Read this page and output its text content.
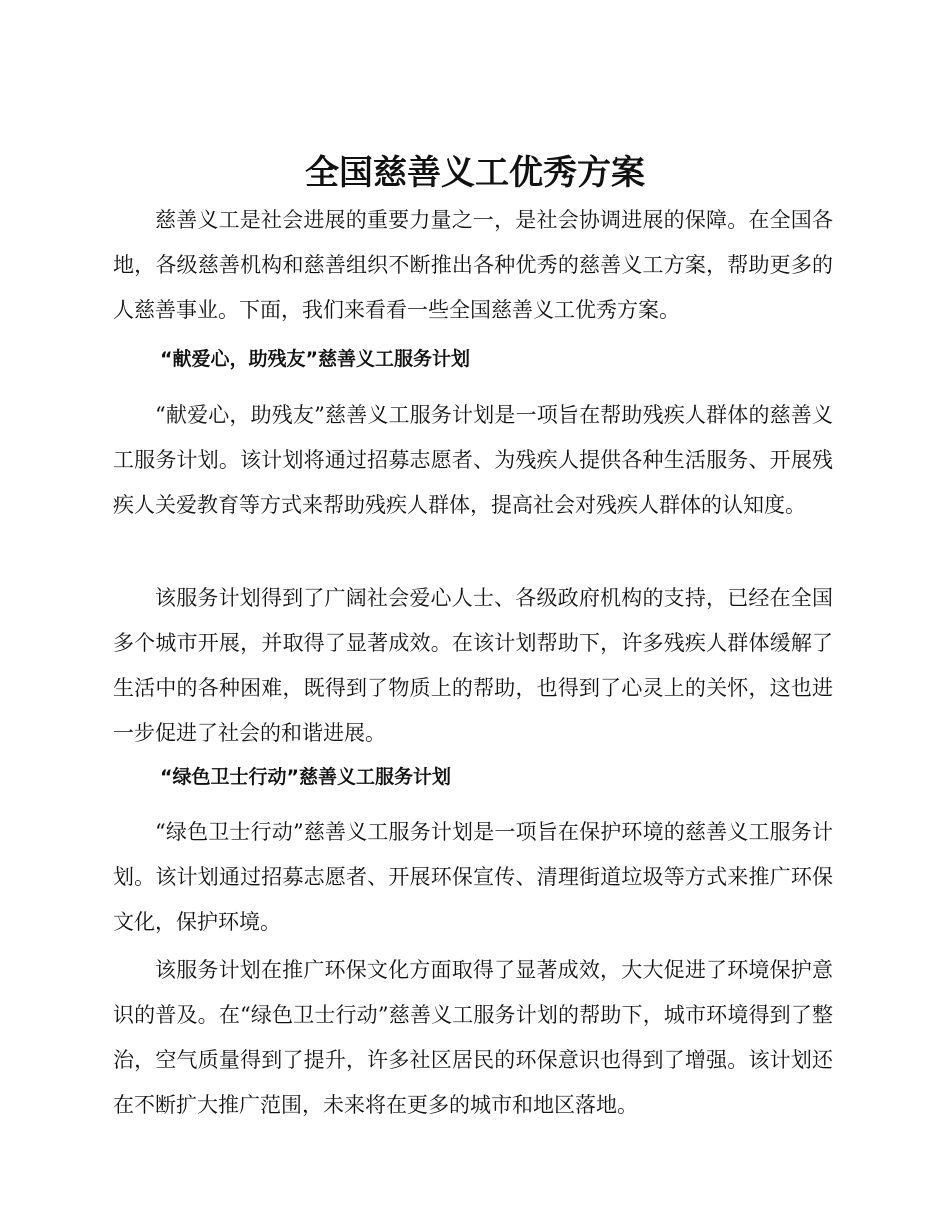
全国慈善义工优秀方案

慈善义工是社会进展的重要力量之一，是社会协调进展的保障。在全国各地，各级慈善机构和慈善组织不断推出各种优秀的慈善义工方案，帮助更多的人慈善事业。下面，我们来看看一些全国慈善义工优秀方案。

“献爱心，助残友”慈善义工服务计划

“献爱心，助残友”慈善义工服务计划是一项旨在帮助残疾人群体的慈善义工服务计划。该计划将通过招募志愿者、为残疾人提供各种生活服务、开展残疾人关爱教育等方式来帮助残疾人群体，提高社会对残疾人群体的认知度。

该服务计划得到了广阔社会爱心人士、各级政府机构的支持，已经在全国多个城市开展，并取得了显著成效。在该计划帮助下，许多残疾人群体缓解了生活中的各种困难，既得到了物质上的帮助，也得到了心灵上的关怀，这也进一步促进了社会的和谐进展。

“绿色卫士行动”慈善义工服务计划

“绿色卫士行动”慈善义工服务计划是一项旨在保护环境的慈善义工服务计划。该计划通过招募志愿者、开展环保宣传、清理街道垃圾等方式来推广环保文化，保护环境。

该服务计划在推广环保文化方面取得了显著成效，大大促进了环境保护意识的普及。在“绿色卫士行动”慈善义工服务计划的帮助下，城市环境得到了整治，空气质量得到了提升，许多社区居民的环保意识也得到了增强。该计划还在不断扩大推广范围，未来将在更多的城市和地区落地。
